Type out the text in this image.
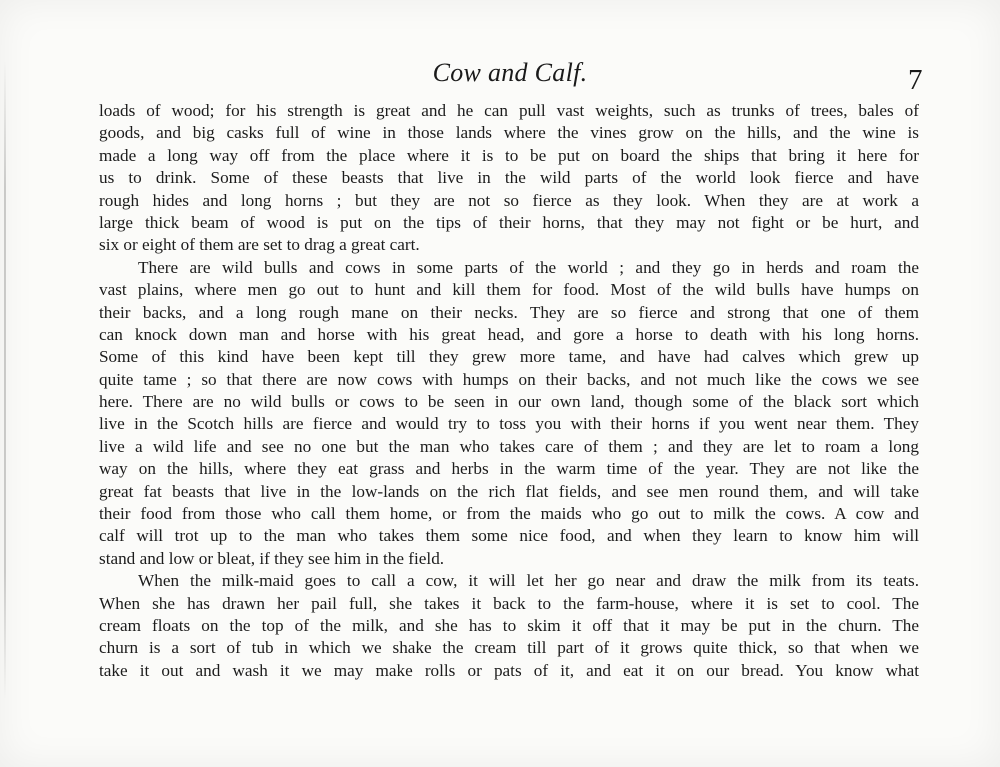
Cow and Calf.	7
loads of wood; for his strength is great and he can pull vast weights, such as trunks of trees, bales of
goods, and big casks full of wine in those lands where the vines grow on the hills, and the wine is
made a long way off from the place where it is to be put on board the ships that bring it here for
us to drink. Some of these beasts that live in the wild parts of the world look fierce and have
rough hides and long horns ; but they are not so fierce as they look. When they are at work a
large thick beam of wood is put on the tips of their horns, that they may not fight or be hurt, and
six or eight of them are set to drag a great cart.
There are wild bulls and cows in some parts of the world ; and they go in herds and roam the
vast plains, where men go out to hunt and kill them for food. Most of the wild bulls have humps on
their backs, and a long rough mane on their necks. They are so fierce and strong that one of them
can knock down man and horse with his great head, and gore a horse to death with his long horns.
Some of this kind have been kept till they grew more tame, and have had calves which grew up
quite tame ; so that there are now cows with humps on their backs, and not much like the cows we see
here. There are no wild bulls or cows to be seen in our own land, though some of the black sort which
live in the Scotch hills are fierce and would try to toss you with their horns if you went near them. They
live a wild life and see no one but the man who takes care of them ; and they are let to roam a long
way on the hills, where they eat grass and herbs in the warm time of the year. They are not like the
great fat beasts that live in the low-lands on the rich flat fields, and see men round them, and will take
their food from those who call them home, or from the maids who go out to milk the cows. A cow and
calf will trot up to the man who takes them some nice food, and when they learn to know him will
stand and low or bleat, if they see him in the field.
When the milk-maid goes to call a cow, it will let her go near and draw the milk from its teats.
When she has drawn her pail full, she takes it back to the farm-house, where it is set to cool. The
cream floats on the top of the milk, and she has to skim it off that it may be put in the churn. The
churn is a sort of tub in which we shake the cream till part of it grows quite thick, so that when we
take it out and wash it we may make rolls or pats of it, and eat it on our bread. You know what
